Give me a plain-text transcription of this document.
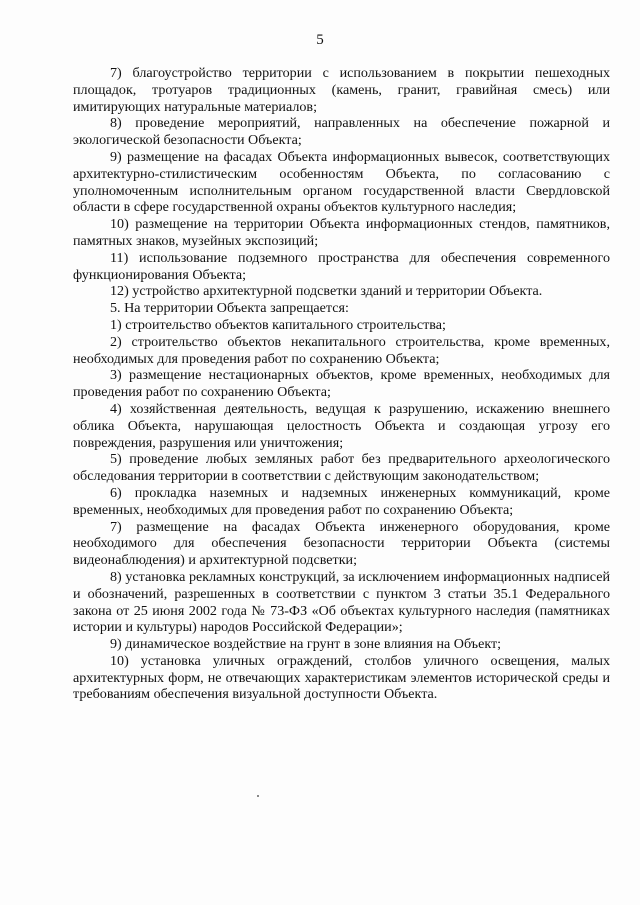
5

7) благоустройство территории с использованием в покрытии пешеходных площадок, тротуаров традиционных (камень, гранит, гравийная смесь) или имитирующих натуральные материалов;

8) проведение мероприятий, направленных на обеспечение пожарной и экологической безопасности Объекта;

9) размещение на фасадах Объекта информационных вывесок, соответствующих архитектурно-стилистическим особенностям Объекта, по согласованию с уполномоченным исполнительным органом государственной власти Свердловской области в сфере государственной охраны объектов культурного наследия;

10) размещение на территории Объекта информационных стендов, памятников, памятных знаков, музейных экспозиций;

11) использование подземного пространства для обеспечения современного функционирования Объекта;

12) устройство архитектурной подсветки зданий и территории Объекта.

5. На территории Объекта запрещается:

1) строительство объектов капитального строительства;

2) строительство объектов некапитального строительства, кроме временных, необходимых для проведения работ по сохранению Объекта;

3) размещение нестационарных объектов, кроме временных, необходимых для проведения работ по сохранению Объекта;

4) хозяйственная деятельность, ведущая к разрушению, искажению внешнего облика Объекта, нарушающая целостность Объекта и создающая угрозу его повреждения, разрушения или уничтожения;

5) проведение любых земляных работ без предварительного археологического обследования территории в соответствии с действующим законодательством;

6) прокладка наземных и надземных инженерных коммуникаций, кроме временных, необходимых для проведения работ по сохранению Объекта;

7) размещение на фасадах Объекта инженерного оборудования, кроме необходимого для обеспечения безопасности территории Объекта (системы видеонаблюдения) и архитектурной подсветки;

8) установка рекламных конструкций, за исключением информационных надписей и обозначений, разрешенных в соответствии с пунктом 3 статьи 35.1 Федерального закона от 25 июня 2002 года № 73-ФЗ «Об объектах культурного наследия (памятниках истории и культуры) народов Российской Федерации»;

9) динамическое воздействие на грунт в зоне влияния на Объект;

10) установка уличных ограждений, столбов уличного освещения, малых архитектурных форм, не отвечающих характеристикам элементов исторической среды и требованиям обеспечения визуальной доступности Объекта.
